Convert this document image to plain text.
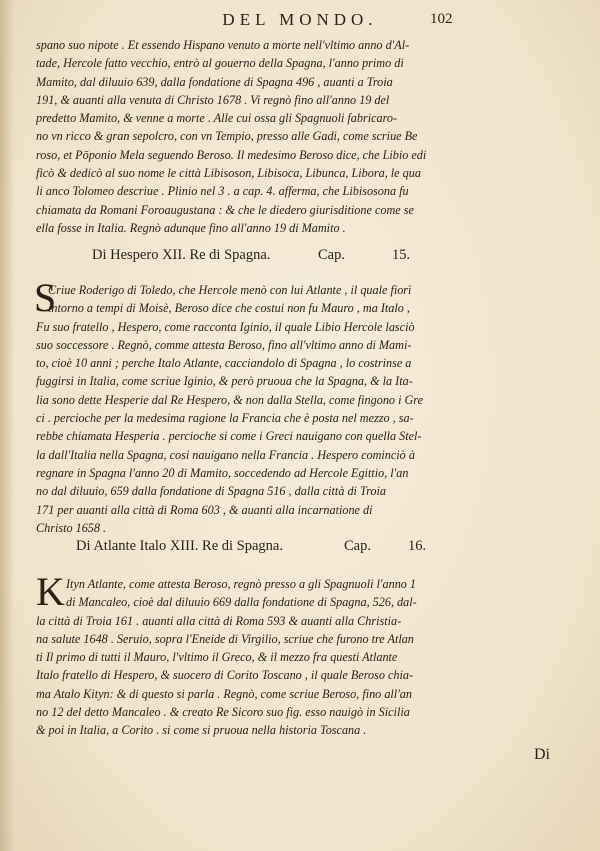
DEL MONDO.	102
spano suo nipote . Et essendo Hispano venuto a morte nell'vltimo anno d'Al-
tade, Hercole fatto vecchio, entrò al gouerno della Spagna, l'anno primo di
Mamito, dal diluuio 639, dalla fondatione di Spagna 496 , auanti a Troia
191, & auanti alla venuta di Christo 1678 . Vi regnò fino all'anno 19 del
predetto Mamito, & venne a morte . Alle cui ossa gli Spagnuoli fabricaro-
no vn ricco & gran sepolcro, con vn Tempio, presso alle Gadi, come scriue Be
roso, et Pōponio Mela seguendo Beroso. Il medesimo Beroso dice, che Libio edi
ficò & dedicò al suo nome le città Libisoson, Libisoca, Libunca, Libora, le qua
li anco Tolomeo descriue . Plinio nel 3 . a cap. 4. afferma, che Libisosona fu
chiamata da Romani Foroaugustana : & che le diedero giurisditione come se
ella fosse in Italia. Regnò adunque fino all'anno 19 di Mamito .
Di Hespero XII. Re di Spagna.	Cap.	15.
S
Criue Roderigo di Toledo, che Hercole menò con lui Atlante , il quale fiorì
intorno a tempi di Moisè, Beroso dice che costui non fu Mauro , ma Italo ,
Fu suo fratello , Hespero, come racconta Iginio, il quale Libio Hercole lasciò
suo soccessore . Regnò, comme attesta Beroso, fino all'vltimo anno di Mami-
to, cioè 10 anni ; perche Italo Atlante, cacciandolo di Spagna , lo costrinse a
fuggirsi in Italia, come scriue Iginio, & però pruoua che la Spagna, & la Ita-
lia sono dette Hesperie dal Re Hespero, & non dalla Stella, come fingono i Gre
ci . percioche per la medesima ragione la Francia che è posta nel mezzo , sa-
rebbe chiamata Hesperia . percioche si come i Greci nauigano con quella Stel-
la dall'Italia nella Spagna, cosi nauigano nella Francia . Hespero cominciò à
regnare in Spagna l'anno 20 di Mamito, soccedendo ad Hercole Egittio, l'an
no dal diluuio, 659 dalla fondatione di Spagna 516 , dalla città di Troia
171 per auanti alla città di Roma 603 , & auanti alla incarnatione di
Christo 1658 .
Di Atlante Italo XIII. Re di Spagna.	Cap.	16.
K Ityn Atlante, come attesta Beroso, regnò presso a gli Spagnuoli l'anno 1
di Mancaleo, cioè dal diluuio 669 dalla fondatione di Spagna, 526, dal-
la città di Troia 161 . auanti alla città di Roma 593 & auanti alla Christia-
na salute 1648 . Seruio, sopra l'Eneide di Virgilio, scriue che furono tre Atlan
ti Il primo di tutti il Mauro, l'vltimo il Greco, & il mezzo fra questi Atlante
Italo fratello di Hespero, & suocero di Corito Toscano , il quale Beroso chia-
ma Atalo Kityn: & di questo si parla . Regnò, come scriue Beroso, fino all'an
no 12 del detto Mancaleo . & creato Re Sicoro suo fig. esso nauigò in Sicilia
& poi in Italia, a Corito . si come si pruoua nella historia Toscana .
Di
